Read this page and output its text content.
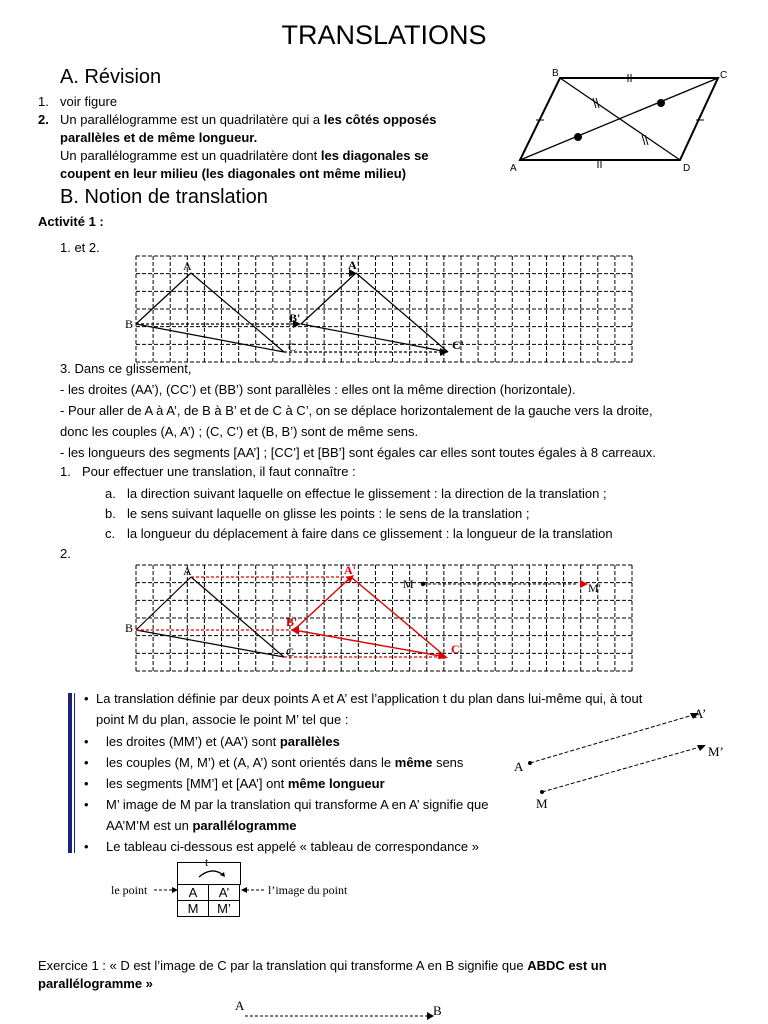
TRANSLATIONS
A. Révision
1. voir figure
2. Un parallélogramme est un quadrilatère qui a les côtés opposés
parallèles et de même longueur.
Un parallélogramme est un quadrilatère dont les diagonales se
coupent en leur milieu (les diagonales ont même milieu)
B	C
A	D
B. Notion de translation
Activité 1 :
1. et 2.
A	A'
B	B'
C	C'
3. Dans ce glissement,
- les droites (AA’), (CC’) et (BB’) sont parallèles : elles ont la même direction (horizontale).
- Pour aller de A à A’, de B à B’ et de C à C’, on se déplace horizontalement de la gauche vers la droite,
donc les couples (A, A’) ; (C, C’) et (B, B’) sont de même sens.
- les longueurs des segments [AA’] ; [CC’] et [BB’] sont égales car elles sont toutes égales à 8 carreaux.
1. Pour effectuer une translation, il faut connaître :
a. la direction suivant laquelle on effectue le glissement : la direction de la translation ;
b. le sens suivant laquelle on glisse les points : le sens de la translation ;
c. la longueur du déplacement à faire dans ce glissement : la longueur de la translation
2.
A	A'
B	B'
C	C'
M	M'
• La translation définie par deux points A et A’ est l’application t du plan dans lui-même qui, à tout
point M du plan, associe le point M’ tel que :
• les droites (MM’) et (AA’) sont parallèles
• les couples (M, M’) et (A, A’) sont orientés dans le même sens
• les segments [MM’] et [AA’] ont même longueur
• M’ image de M par la translation qui transforme A en A’ signifie que
AA’M’M est un parallélogramme
• Le tableau ci-dessous est appelé « tableau de correspondance »
A
A’
M
M’
t
A	A’
M	M’
le point	l’image du point
Exercice 1 : « D est l’image de C par la translation qui transforme A en B signifie que ABDC est un
parallélogramme »
A	B
